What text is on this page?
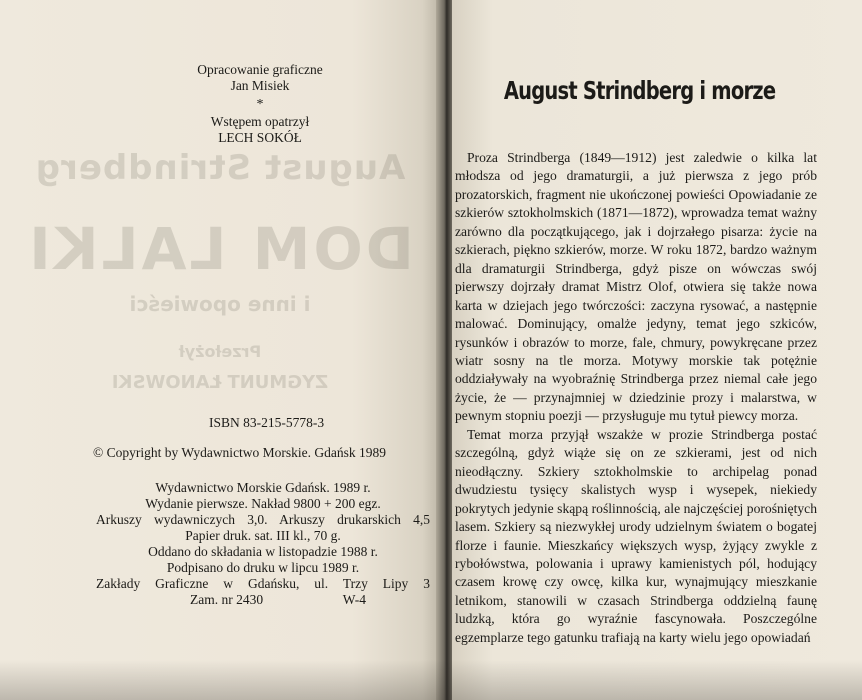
August Strindberg
DOM LALKI
i inne opowieści
Przełożył
ZYGMUNT ŁANOWSKI
Opracowanie graficzne
Jan Misiek
*
Wstępem opatrzył
LECH SOKÓŁ
ISBN 83-215-5778-3
© Copyright by Wydawnictwo Morskie. Gdańsk 1989
Wydawnictwo Morskie Gdańsk. 1989 r.
Wydanie pierwsze. Nakład 9800 + 200 egz.
Arkuszy wydawniczych 3,0. Arkuszy drukarskich 4,5
Papier druk. sat. III kl., 70 g.
Oddano do składania w listopadzie 1988 r.
Podpisano do druku w lipcu 1989 r.
Zakłady Graficzne w Gdańsku, ul. Trzy Lipy 3
Zam. nr 2430	W-4
August Strindberg i morze

Proza Strindberga (1849—1912) jest zaledwie o kilka lat młodsza od jego dramaturgii, a już pierwsza z jego prób prozatorskich, fragment nie ukończonej powieści Opowiadanie ze szkierów sztokholmskich (1871—1872), wprowadza temat ważny zarówno dla początkującego, jak i dojrzałego pisarza: życie na szkierach, piękno szkierów, morze. W roku 1872, bardzo ważnym dla dramaturgii Strindberga, gdyż pisze on wówczas swój pierwszy dojrzały dramat Mistrz Olof, otwiera się także nowa karta w dziejach jego twórczości: zaczyna rysować, a następnie malować. Dominujący, omalże jedyny, temat jego szkiców, rysunków i obrazów to morze, fale, chmury, powykręcane przez wiatr sosny na tle morza. Motywy morskie tak potężnie oddziaływały na wyobraźnię Strindberga przez niemal całe jego życie, że — przynajmniej w dziedzinie prozy i malarstwa, w pewnym stopniu poezji — przysługuje mu tytuł piewcy morza.

Temat morza przyjął wszakże w prozie Strindberga postać szczególną, gdyż wiąże się on ze szkierami, jest od nich nieodłączny. Szkiery sztokholmskie to archipelag ponad dwudziestu tysięcy skalistych wysp i wysepek, niekiedy pokrytych jedynie skąpą roślinnością, ale najczęściej porośniętych lasem. Szkiery są niezwykłej urody udzielnym światem o bogatej florze i faunie. Mieszkańcy większych wysp, żyjący zwykle z rybołówstwa, polowania i uprawy kamienistych pól, hodujący czasem krowę czy owcę, kilka kur, wynajmujący mieszkanie letnikom, stanowili w czasach Strindberga oddzielną faunę ludzką, która go wyraźnie fascynowała. Poszczególne egzemplarze tego gatunku trafiają na karty wielu jego opowiadań
